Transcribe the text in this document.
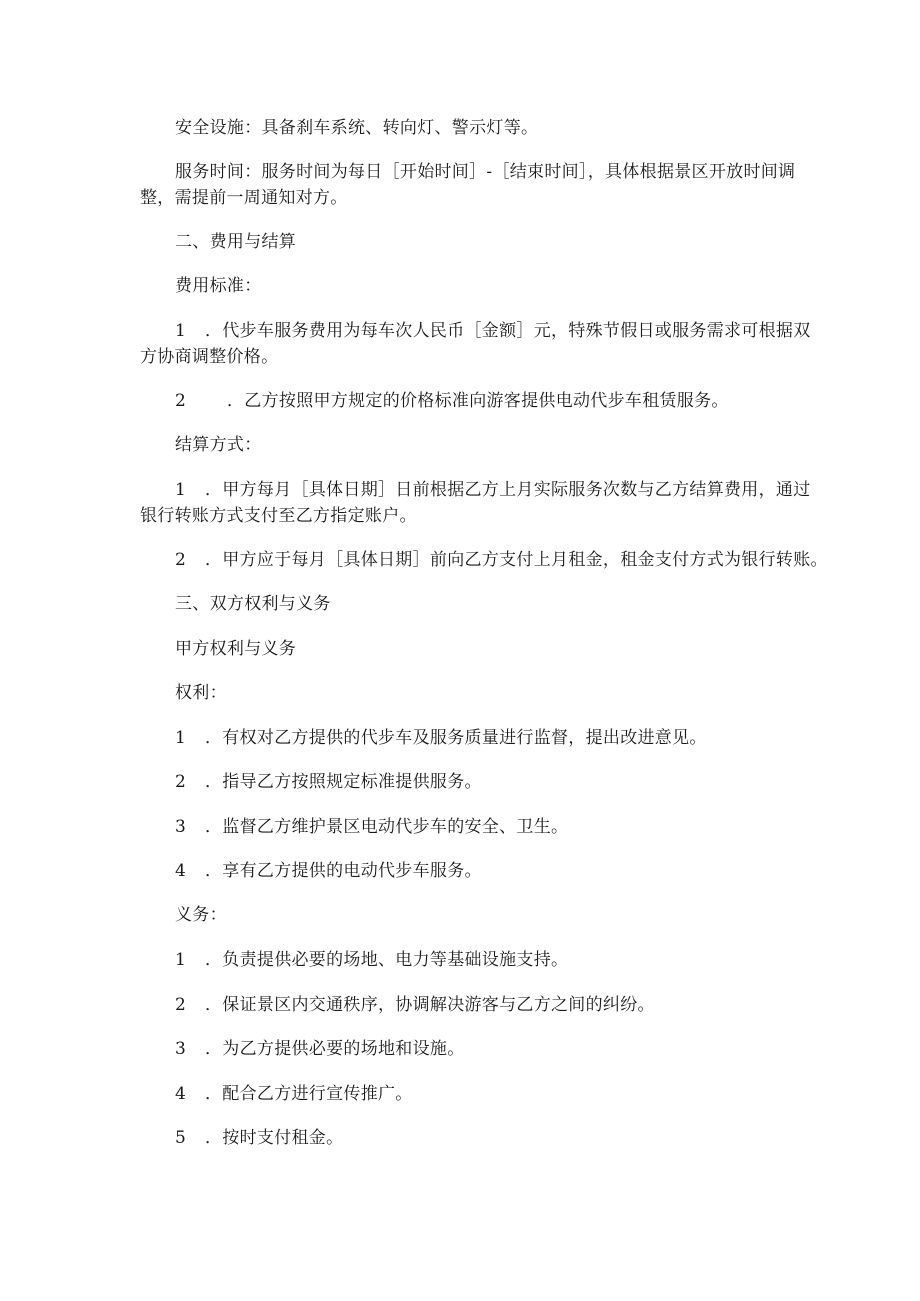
安全设施：具备刹车系统、转向灯、警示灯等。
服务时间：服务时间为每日［开始时间］-［结束时间］，具体根据景区开放时间调
整，需提前一周通知对方。
二、费用与结算
费用标准：
1 ．代步车服务费用为每车次人民币［金额］元，特殊节假日或服务需求可根据双
方协商调整价格。
2 ．乙方按照甲方规定的价格标准向游客提供电动代步车租赁服务。
结算方式：
1 ．甲方每月［具体日期］日前根据乙方上月实际服务次数与乙方结算费用，通过
银行转账方式支付至乙方指定账户。
2 ．甲方应于每月［具体日期］前向乙方支付上月租金，租金支付方式为银行转账。
三、双方权利与义务
甲方权利与义务
权利：
1 ．有权对乙方提供的代步车及服务质量进行监督，提出改进意见。
2 ．指导乙方按照规定标准提供服务。
3 ．监督乙方维护景区电动代步车的安全、卫生。
4 ．享有乙方提供的电动代步车服务。
义务：
1 ．负责提供必要的场地、电力等基础设施支持。
2 ．保证景区内交通秩序，协调解决游客与乙方之间的纠纷。
3 ．为乙方提供必要的场地和设施。
4 ．配合乙方进行宣传推广。
5 ．按时支付租金。
